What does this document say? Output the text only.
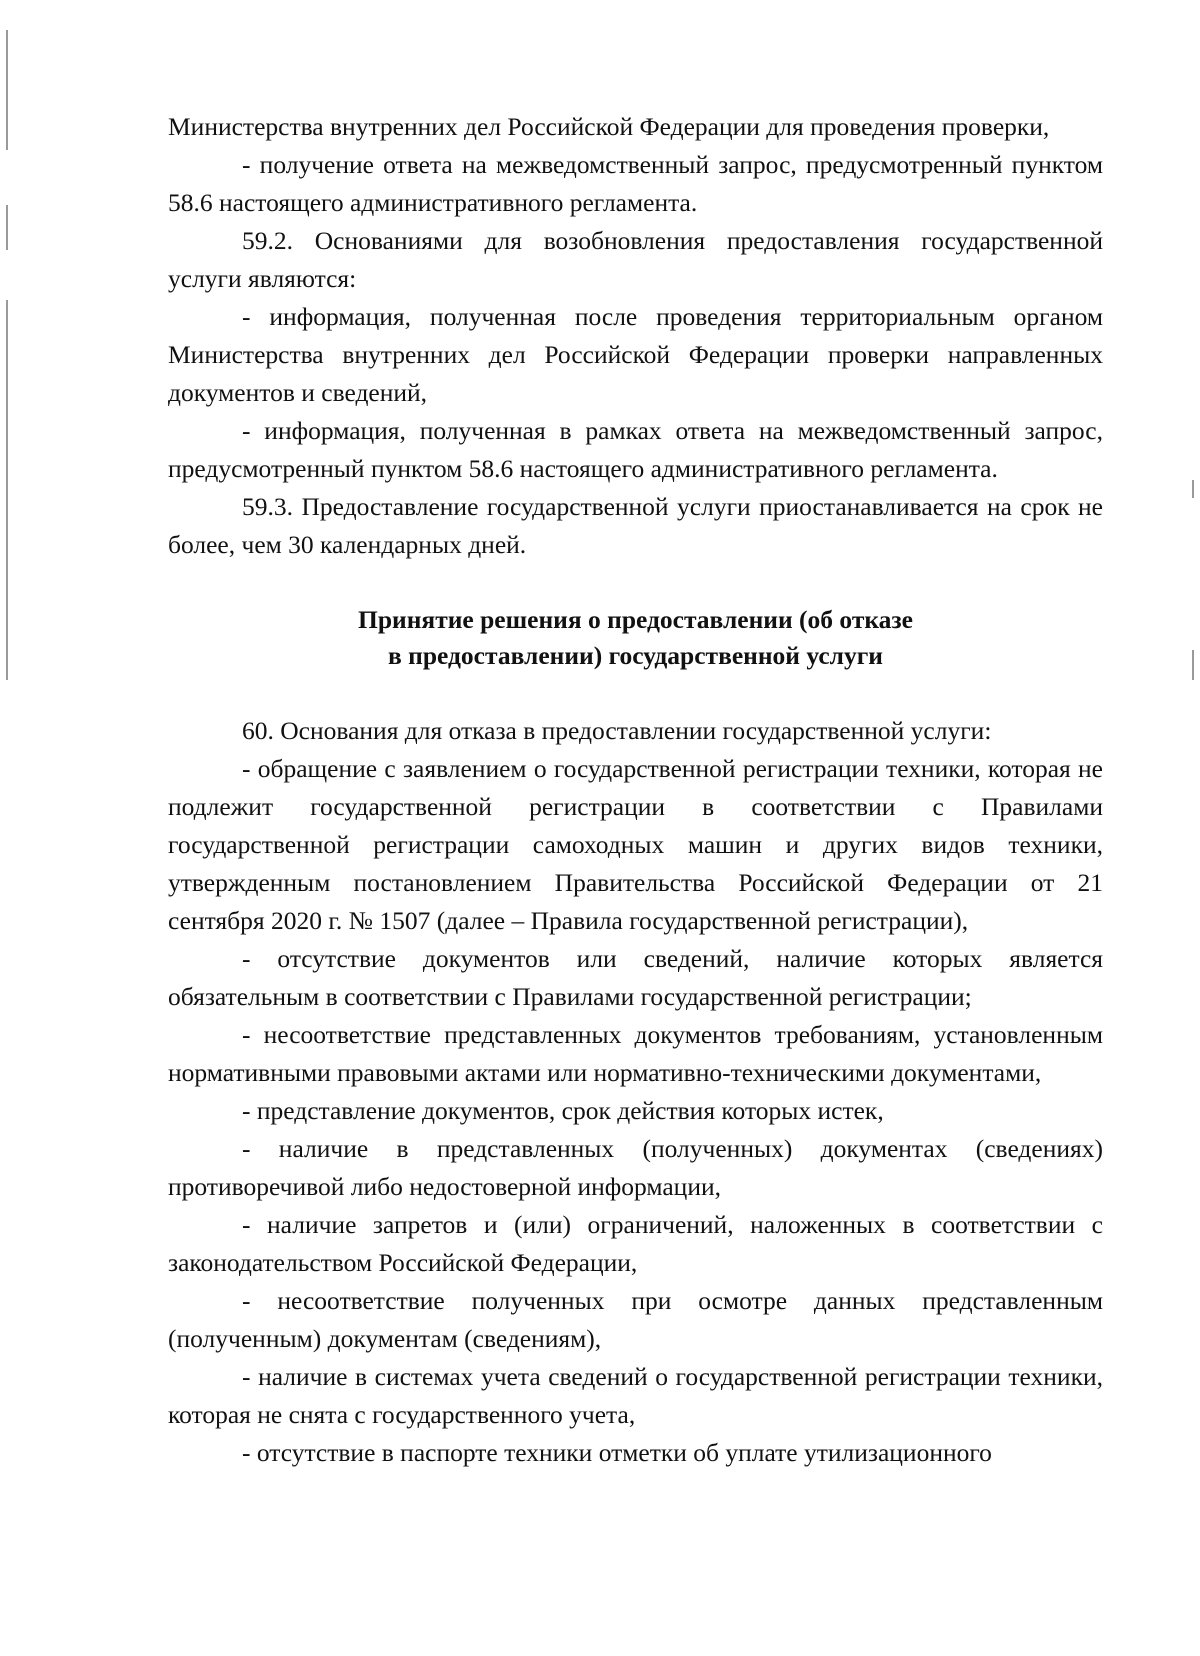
Министерства внутренних дел Российской Федерации для проведения проверки,

- получение ответа на межведомственный запрос, предусмотренный пунктом 58.6 настоящего административного регламента.

59.2. Основаниями для возобновления предоставления государственной услуги являются:

- информация, полученная после проведения территориальным органом Министерства внутренних дел Российской Федерации проверки направленных документов и сведений,

- информация, полученная в рамках ответа на межведомственный запрос, предусмотренный пунктом 58.6 настоящего административного регламента.

59.3. Предоставление государственной услуги приостанавливается на срок не более, чем 30 календарных дней.

Принятие решения о предоставлении (об отказе
в предоставлении) государственной услуги

60. Основания для отказа в предоставлении государственной услуги:

- обращение с заявлением о государственной регистрации техники, которая не подлежит государственной регистрации в соответствии с Правилами государственной регистрации самоходных машин и других видов техники, утвержденным постановлением Правительства Российской Федерации от 21 сентября 2020 г. № 1507 (далее – Правила государственной регистрации),

- отсутствие документов или сведений, наличие которых является обязательным в соответствии с Правилами государственной регистрации;

- несоответствие представленных документов требованиям, установленным нормативными правовыми актами или нормативно-техническими документами,

- представление документов, срок действия которых истек,

- наличие в представленных (полученных) документах (сведениях) противоречивой либо недостоверной информации,

- наличие запретов и (или) ограничений, наложенных в соответствии с законодательством Российской Федерации,

- несоответствие полученных при осмотре данных представленным (полученным) документам (сведениям),

- наличие в системах учета сведений о государственной регистрации техники, которая не снята с государственного учета,

- отсутствие в паспорте техники отметки об уплате утилизационного
